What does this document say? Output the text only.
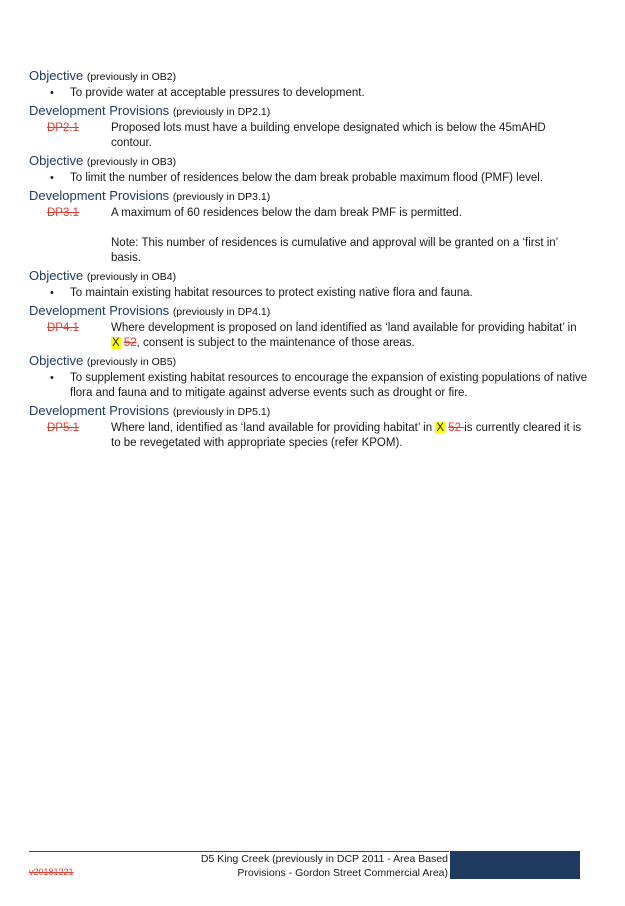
Objective (previously in OB2)
• To provide water at acceptable pressures to development.
Development Provisions (previously in DP2.1)
DP2.1	Proposed lots must have a building envelope designated which is below the 45mAHD contour.
Objective (previously in OB3)
• To limit the number of residences below the dam break probable maximum flood (PMF) level.
Development Provisions (previously in DP3.1)
DP3.1	A maximum of 60 residences below the dam break PMF is permitted.
Note: This number of residences is cumulative and approval will be granted on a ‘first in’ basis.
Objective (previously in OB4)
• To maintain existing habitat resources to protect existing native flora and fauna.
Development Provisions (previously in DP4.1)
DP4.1	Where development is proposed on land identified as ‘land available for providing habitat’ in X 52, consent is subject to the maintenance of those areas.
Objective (previously in OB5)
• To supplement existing habitat resources to encourage the expansion of existing populations of native flora and fauna and to mitigate against adverse events such as drought or fire.
Development Provisions (previously in DP5.1)
DP5.1	Where land, identified as ‘land available for providing habitat’ in X 52 is currently cleared it is to be revegetated with appropriate species (refer KPOM).
D5 King Creek (previously in DCP 2011 - Area Based
Provisions - Gordon Street Commercial Area)
v20181221
